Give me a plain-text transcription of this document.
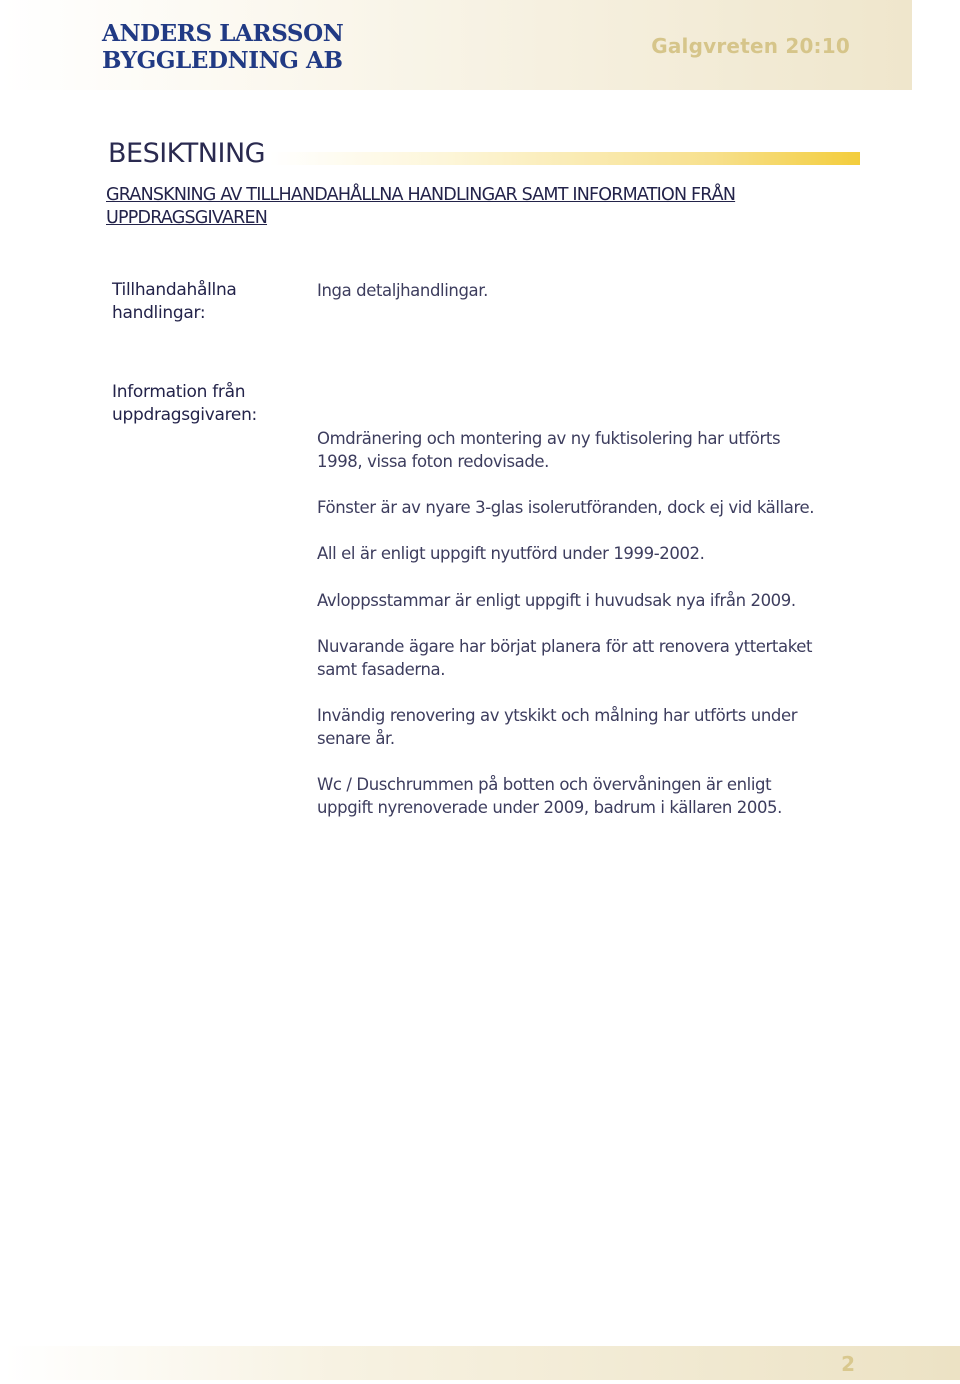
ANDERS LARSSON
BYGGLEDNING AB
Galgvreten 20:10
BESIKTNING
GRANSKNING AV TILLHANDAHÅLLNA HANDLINGAR SAMT INFORMATION FRÅN
UPPDRAGSGIVAREN
Tillhandahållna
handlingar:
Inga detaljhandlingar.
Information från
uppdragsgivaren:
Omdränering och montering av ny fuktisolering har utförts
1998, vissa foton redovisade.
Fönster är av nyare 3-glas isolerutföranden, dock ej vid källare.
All el är enligt uppgift nyutförd under 1999-2002.
Avloppsstammar är enligt uppgift i huvudsak nya ifrån 2009.
Nuvarande ägare har börjat planera för att renovera yttertaket
samt fasaderna.
Invändig renovering av ytskikt och målning har utförts under
senare år.
Wc / Duschrummen på botten och övervåningen är enligt
uppgift nyrenoverade under 2009, badrum i källaren 2005.
2
